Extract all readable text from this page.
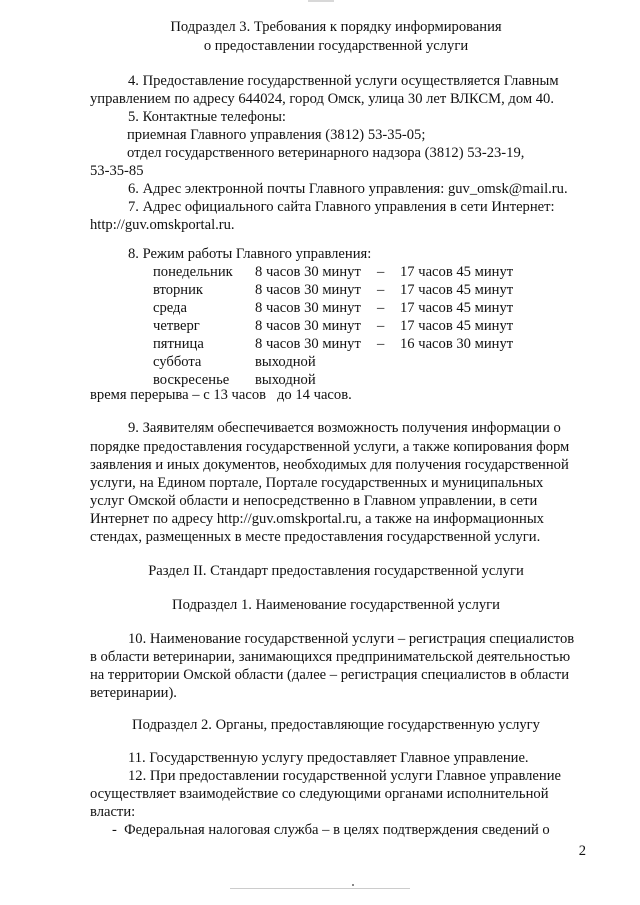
Подраздел 3. Требования к порядку информирования
о предоставлении государственной услуги
4. Предоставление государственной услуги осуществляется Главным
управлением по адресу 644024, город Омск, улица 30 лет ВЛКСМ, дом 40.
5. Контактные телефоны:
приемная Главного управления (3812) 53-35-05;
отдел государственного ветеринарного надзора (3812) 53-23-19,
53-35-85
6. Адрес электронной почты Главного управления: guv_omsk@mail.ru.
7. Адрес официального сайта Главного управления в сети Интернет:
http://guv.omskportal.ru.
8. Режим работы Главного управления:
понедельник 8 часов 30 минут – 17 часов 45 минут
вторник	8 часов 30 минут – 17 часов 45 минут
среда	8 часов 30 минут – 17 часов 45 минут
четверг	8 часов 30 минут – 17 часов 45 минут
пятница	8 часов 30 минут – 16 часов 30 минут
суббота	выходной
воскресенье выходной
время перерыва – с 13 часов   до 14 часов.
9. Заявителям обеспечивается возможность получения информации о
порядке предоставления государственной услуги, а также копирования форм
заявления и иных документов, необходимых для получения государственной
услуги, на Едином портале, Портале государственных и муниципальных
услуг Омской области и непосредственно в Главном управлении, в сети
Интернет по адресу http://guv.omskportal.ru, а также на информационных
стендах, размещенных в месте предоставления государственной услуги.
Раздел II. Стандарт предоставления государственной услуги
Подраздел 1. Наименование государственной услуги
10. Наименование государственной услуги – регистрация специалистов
в области ветеринарии, занимающихся предпринимательской деятельностью
на территории Омской области (далее – регистрация специалистов в области
ветеринарии).
Подраздел 2. Органы, предоставляющие государственную услугу
11. Государственную услугу предоставляет Главное управление.
12. При предоставлении государственной услуги Главное управление
осуществляет взаимодействие со следующими органами исполнительной
власти:
-  Федеральная налоговая служба – в целях подтверждения сведений о
2
